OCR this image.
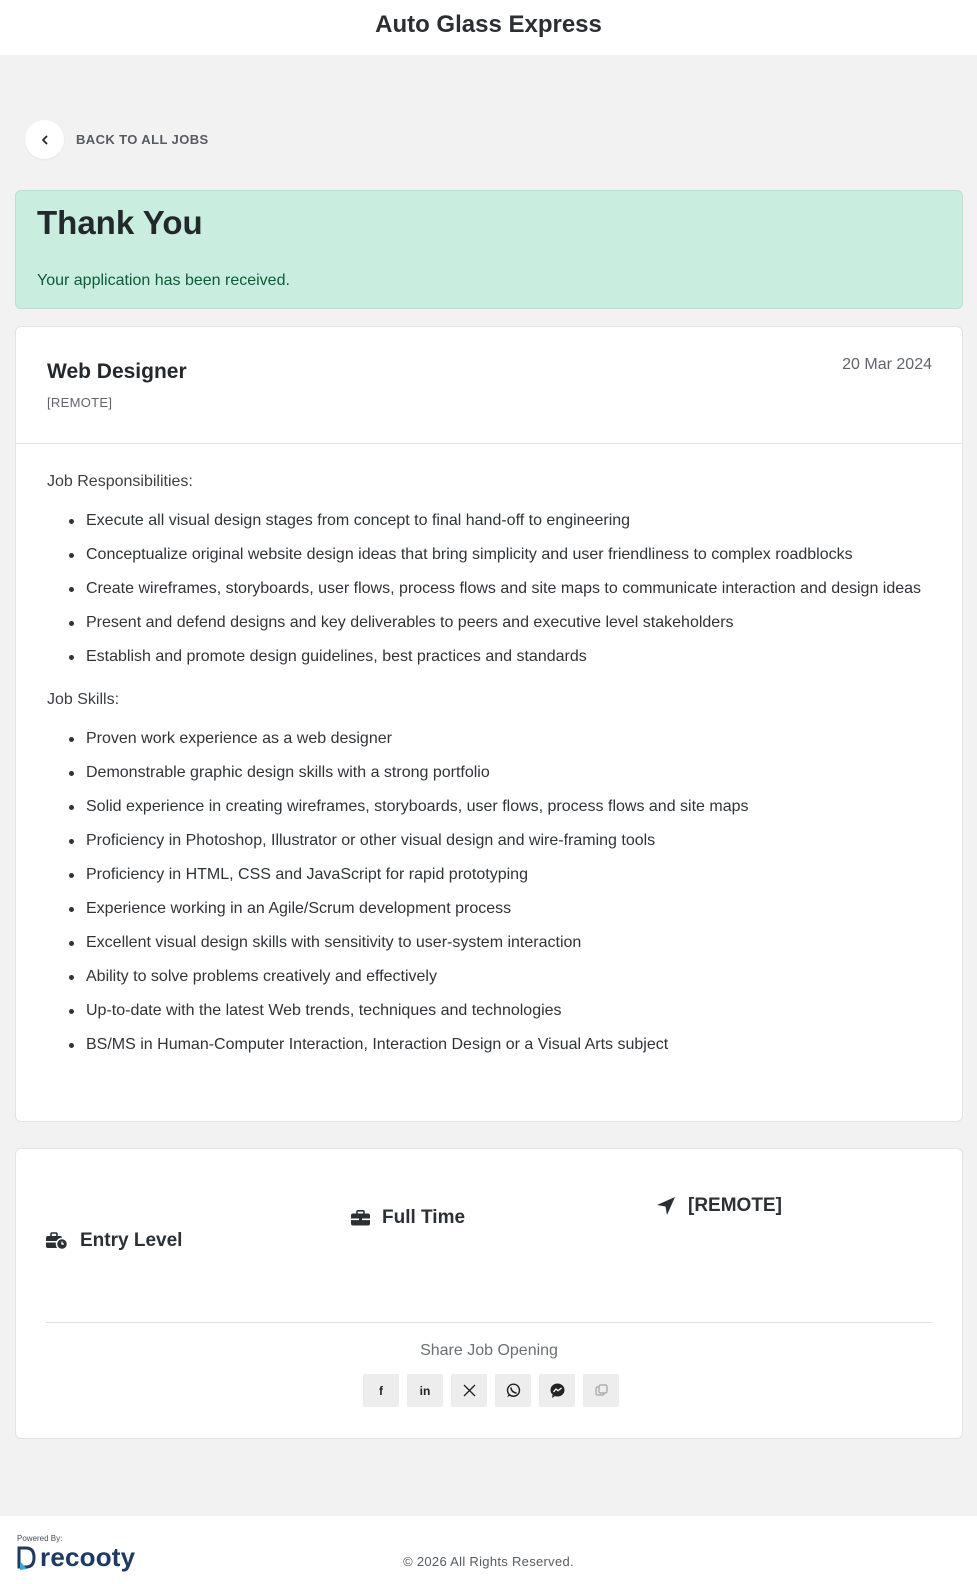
Auto Glass Express
BACK TO ALL JOBS
Thank You

Your application has been received.

Web Designer
[REMOTE]
20 Mar 2024
Job Responsibilities:
Execute all visual design stages from concept to final hand-off to engineering
Conceptualize original website design ideas that bring simplicity and user friendliness to complex roadblocks
Create wireframes, storyboards, user flows, process flows and site maps to communicate interaction and design ideas
Present and defend designs and key deliverables to peers and executive level stakeholders
Establish and promote design guidelines, best practices and standards
Job Skills:
Proven work experience as a web designer
Demonstrable graphic design skills with a strong portfolio
Solid experience in creating wireframes, storyboards, user flows, process flows and site maps
Proficiency in Photoshop, Illustrator or other visual design and wire-framing tools
Proficiency in HTML, CSS and JavaScript for rapid prototyping
Experience working in an Agile/Scrum development process
Excellent visual design skills with sensitivity to user-system interaction
Ability to solve problems creatively and effectively
Up-to-date with the latest Web trends, techniques and technologies
BS/MS in Human-Computer Interaction, Interaction Design or a Visual Arts subject
Entry Level
Full Time
[REMOTE]
Share Job Opening
f	in
Powered By:
recooty	© 2026 All Rights Reserved.
